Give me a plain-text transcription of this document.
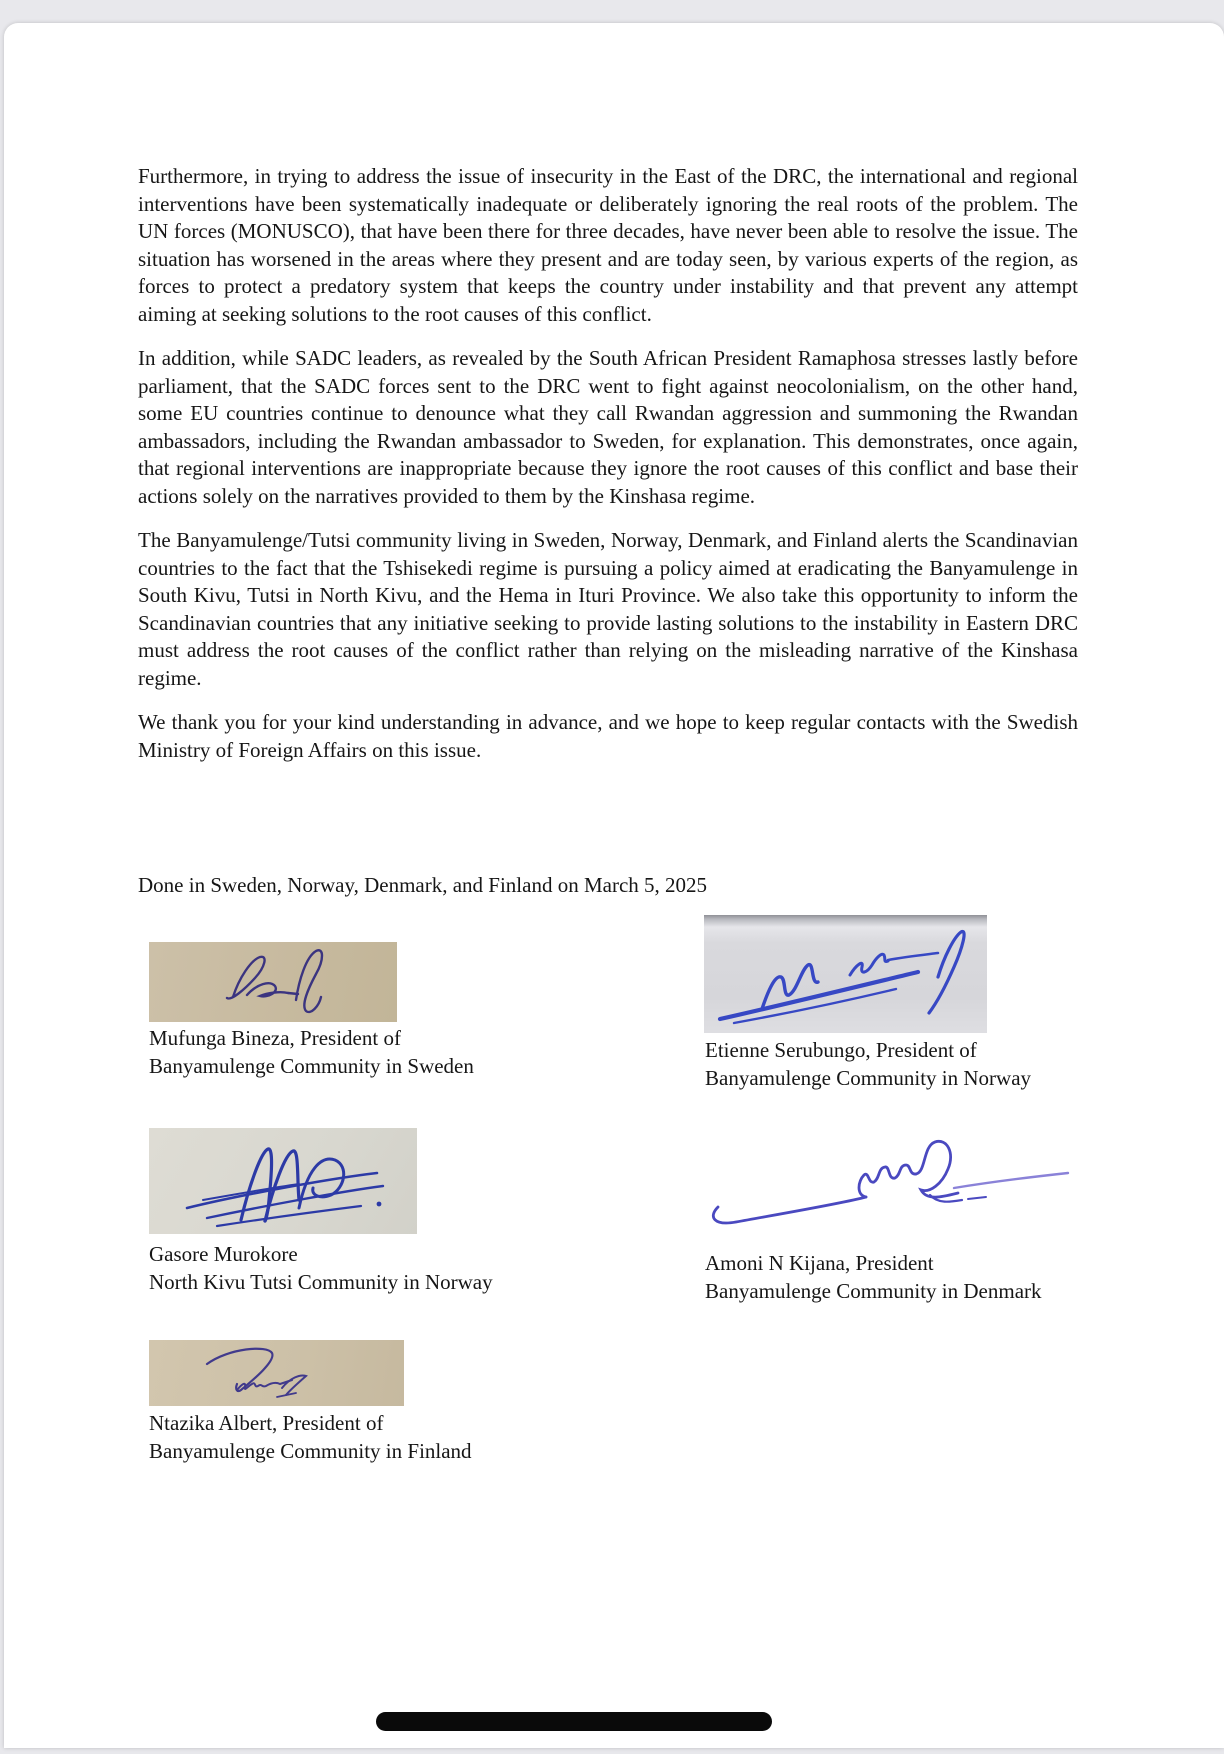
Furthermore, in trying to address the issue of insecurity in the East of the DRC, the international and regional interventions have been systematically inadequate or deliberately ignoring the real roots of the problem. The UN forces (MONUSCO), that have been there for three decades, have never been able to resolve the issue. The situation has worsened in the areas where they present and are today seen, by various experts of the region, as forces to protect a predatory system that keeps the country under instability and that prevent any attempt aiming at seeking solutions to the root causes of this conflict.

In addition, while SADC leaders, as revealed by the South African President Ramaphosa stresses lastly before parliament, that the SADC forces sent to the DRC went to fight against neocolonialism, on the other hand, some EU countries continue to denounce what they call Rwandan aggression and summoning the Rwandan ambassadors, including the Rwandan ambassador to Sweden, for explanation. This demonstrates, once again, that regional interventions are inappropriate because they ignore the root causes of this conflict and base their actions solely on the narratives provided to them by the Kinshasa regime.

The Banyamulenge/Tutsi community living in Sweden, Norway, Denmark, and Finland alerts the Scandinavian countries to the fact that the Tshisekedi regime is pursuing a policy aimed at eradicating the Banyamulenge in South Kivu, Tutsi in North Kivu, and the Hema in Ituri Province. We also take this opportunity to inform the Scandinavian countries that any initiative seeking to provide lasting solutions to the instability in Eastern DRC must address the root causes of the conflict rather than relying on the misleading narrative of the Kinshasa regime.

We thank you for your kind understanding in advance, and we hope to keep regular contacts with the Swedish Ministry of Foreign Affairs on this issue.

Done in Sweden, Norway, Denmark, and Finland on March 5, 2025
Mufunga Bineza, President of
Banyamulenge Community in Sweden
Etienne Serubungo, President of
Banyamulenge Community in Norway
Gasore Murokore
North Kivu Tutsi Community in Norway
Amoni N Kijana, President
Banyamulenge Community in Denmark
Ntazika Albert, President of
Banyamulenge Community in Finland
